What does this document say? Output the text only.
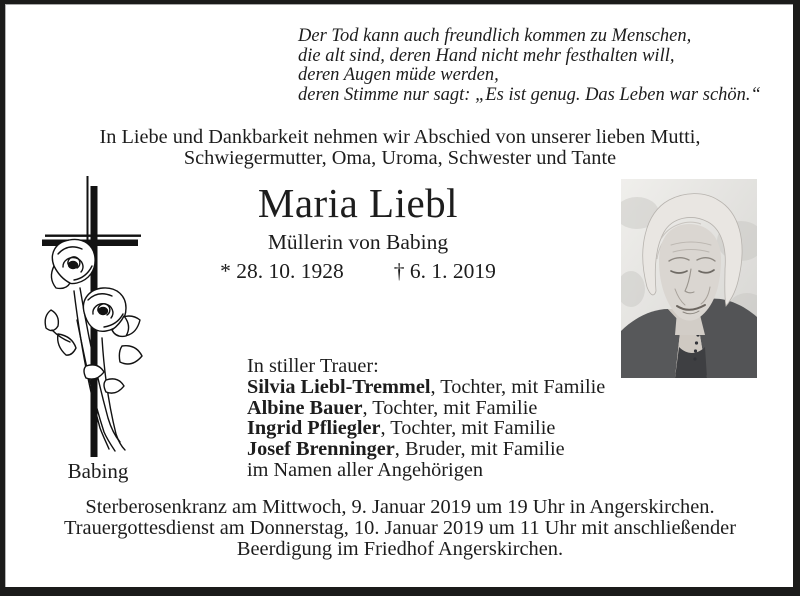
Der Tod kann auch freundlich kommen zu Menschen,
die alt sind, deren Hand nicht mehr festhalten will,
deren Augen müde werden,
deren Stimme nur sagt: „Es ist genug. Das Leben war schön.“
In Liebe und Dankbarkeit nehmen wir Abschied von unserer lieben Mutti,
Schwiegermutter, Oma, Uroma, Schwester und Tante
Babing
Maria Liebl
Müllerin von Babing
* 28. 10. 1928 † 6. 1. 2019
In stiller Trauer:
Silvia Liebl-Tremmel, Tochter, mit Familie
Albine Bauer, Tochter, mit Familie
Ingrid Pfliegler, Tochter, mit Familie
Josef Brenninger, Bruder, mit Familie
im Namen aller Angehörigen
Sterberosenkranz am Mittwoch, 9. Januar 2019 um 19 Uhr in Angerskirchen.
Trauergottesdienst am Donnerstag, 10. Januar 2019 um 11 Uhr mit anschließender
Beerdigung im Friedhof Angerskirchen.
